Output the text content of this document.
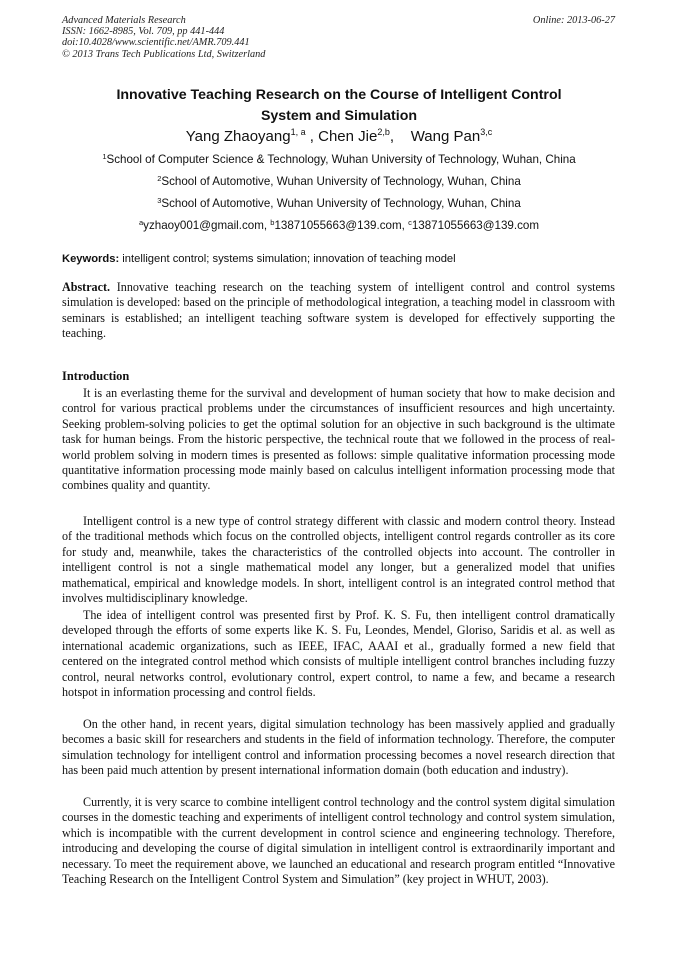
Advanced Materials Research
ISSN: 1662-8985, Vol. 709, pp 441-444
doi:10.4028/www.scientific.net/AMR.709.441
© 2013 Trans Tech Publications Ltd, Switzerland
Online: 2013-06-27
Innovative Teaching Research on the Course of Intelligent Control
System and Simulation
Yang Zhaoyang$^{1, a}$ , Chen Jie$^{2,b}$,    Wang Pan$^{3,c}$
$^1$School of Computer Science & Technology, Wuhan University of Technology, Wuhan, China
$^2$School of Automotive, Wuhan University of Technology, Wuhan, China
$^3$School of Automotive, Wuhan University of Technology, Wuhan, China
$^a$yzhaoy001@gmail.com, $^b$13871055663@139.com, $^c$13871055663@139.com
Keywords: intelligent control; systems simulation; innovation of teaching model

Abstract. Innovative teaching research on the teaching system of intelligent control and control systems simulation is developed: based on the principle of methodological integration, a teaching model in classroom with seminars is established; an intelligent teaching software system is developed for effectively supporting the teaching.

Introduction

It is an everlasting theme for the survival and development of human society that how to make decision and control for various practical problems under the circumstances of insufficient resources and high uncertainty. Seeking problem-solving policies to get the optimal solution for an objective in such background is the ultimate task for human beings. From the historic perspective, the technical route that we followed in the process of real-world problem solving in modern times is presented as follows: simple qualitative information processing mode quantitative information processing mode mainly based on calculus intelligent information processing mode that combines quality and quantity.

Intelligent control is a new type of control strategy different with classic and modern control theory. Instead of the traditional methods which focus on the controlled objects, intelligent control regards controller as its core for study and, meanwhile, takes the characteristics of the controlled objects into account. The controller in intelligent control is not a single mathematical model any longer, but a generalized model that unifies mathematical, empirical and knowledge models. In short, intelligent control is an integrated control method that involves multidisciplinary knowledge.

The idea of intelligent control was presented first by Prof. K. S. Fu, then intelligent control dramatically developed through the efforts of some experts like K. S. Fu, Leondes, Mendel, Gloriso, Saridis et al. as well as international academic organizations, such as IEEE, IFAC, AAAI et al., gradually formed a new field that centered on the integrated control method which consists of multiple intelligent control branches including fuzzy control, neural networks control, evolutionary control, expert control, to name a few, and became a research hotspot in information processing and control fields.

On the other hand, in recent years, digital simulation technology has been massively applied and gradually becomes a basic skill for researchers and students in the field of information technology. Therefore, the computer simulation technology for intelligent control and information processing becomes a novel research direction that has been paid much attention by present international information domain (both education and industry).

Currently, it is very scarce to combine intelligent control technology and the control system digital simulation courses in the domestic teaching and experiments of intelligent control technology and control system simulation, which is incompatible with the current development in control science and engineering technology. Therefore, introducing and developing the course of digital simulation in intelligent control is extraordinarily important and necessary. To meet the requirement above, we launched an educational and research program entitled “Innovative Teaching Research on the Intelligent Control System and Simulation” (key project in WHUT, 2003).
